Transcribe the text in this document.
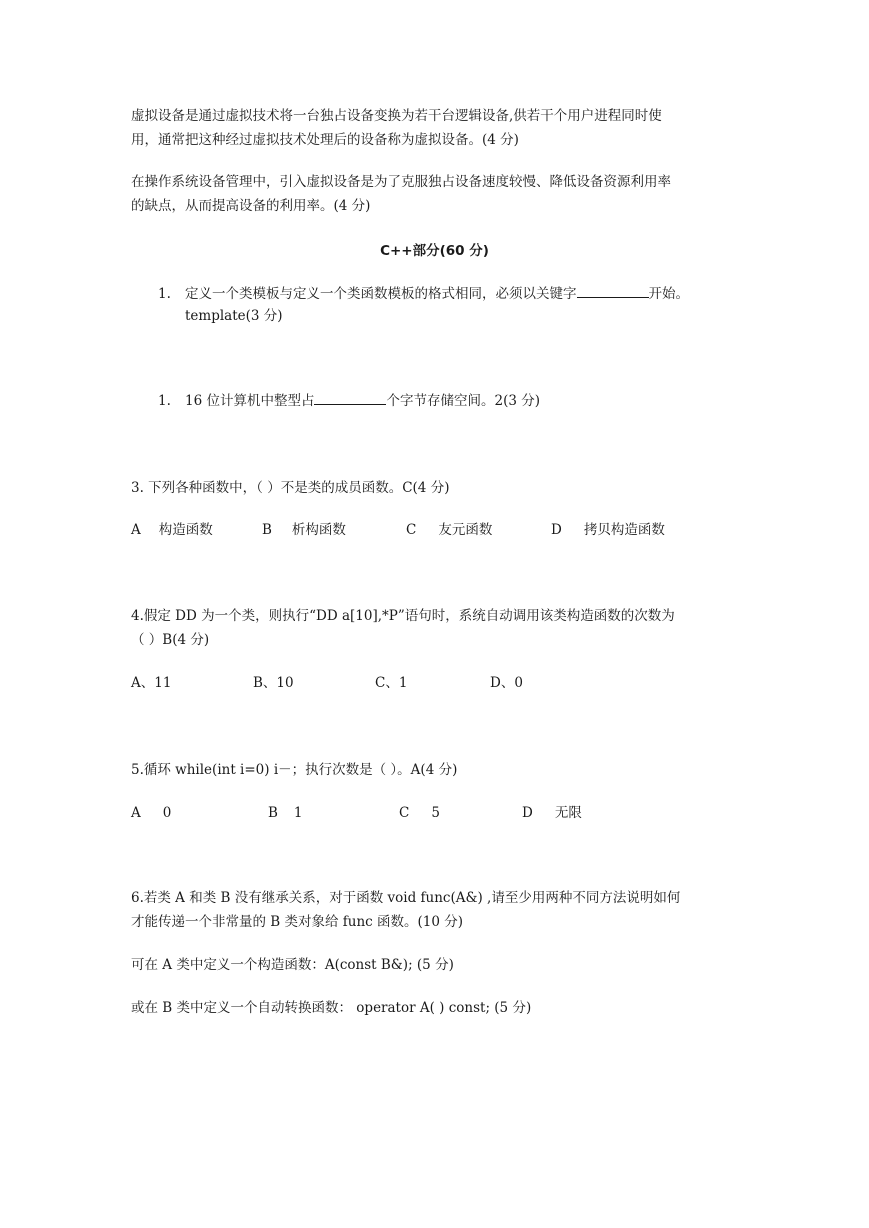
虚拟设备是通过虚拟技术将一台独占设备变换为若干台逻辑设备,供若干个用户进程同时使
用，通常把这种经过虚拟技术处理后的设备称为虚拟设备。(4 分)
在操作系统设备管理中，引入虚拟设备是为了克服独占设备速度较慢、降低设备资源利用率
的缺点，从而提高设备的利用率。(4 分)
C++部分(60 分)
1. 定义一个类模板与定义一个类函数模板的格式相同，必须以关键字	开始。
template(3 分)
1. 16 位计算机中整型占	个字节存储空间。2(3 分)
3. 下列各种函数中，（ ）不是类的成员函数。C(4 分)
A 构造函数	B 析构函数	C 友元函数	D 拷贝构造函数
4.假定 DD 为一个类，则执行“DD a[10],*P”语句时，系统自动调用该类构造函数的次数为
（ ）B(4 分)
A、11	B、10	C、1	D、0
5.循环 while(int i=0) i－；执行次数是（ ）。A(4 分)
A 0	B 1	C 5	D 无限
6.若类 A 和类 B 没有继承关系，对于函数 void func(A&) ,请至少用两种不同方法说明如何
才能传递一个非常量的 B 类对象给 func 函数。(10 分)
可在 A 类中定义一个构造函数：A(const B&); (5 分)
或在 B 类中定义一个自动转换函数： operator A( ) const; (5 分)
